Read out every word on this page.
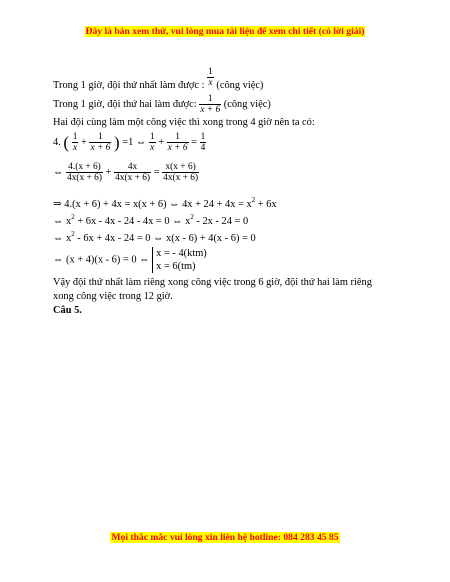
Đây là bản xem thử, vui lòng mua tài liệu để xem chi tiết (có lời giải)
Trong 1 giờ, đội thứ nhất làm được : $\frac{1}{x}$ (công việc)
Trong 1 giờ, đội thứ hai làm được: $\frac{1}{x + 6}$ (công việc)
Hai đội cùng làm một công việc thì xong trong 4 giờ nên ta có:
4. ( $\frac{1}{x} + \frac{1}{x + 6}$ ) =1 ⇔ $\frac{1}{x} + \frac{1}{x + 6} = \frac{1}{4}$
⇔ $\frac{4.(x + 6)}{4x(x + 6)} + \frac{4x}{4x(x + 6)} = \frac{x(x + 6)}{4x(x + 6)}$
⇒ 4.(x + 6) + 4x = x(x + 6) ⇔ $4x + 24 + 4x = x^2 + 6x$
⇔ $x^2 + 6x - 4x - 24 - 4x = 0$ ⇔ $x^2 - 2x - 24 = 0$
⇔ $x^2 - 6x + 4x - 24 = 0$ ⇔ x(x - 6) + 4(x - 6) = 0
⇔ (x + 4)(x - 6) = 0 ⇔
x = - 4(ktm)
x = 6(tm)
Vậy đội thứ nhất làm riêng xong công việc trong 6 giờ, đội thứ hai làm riêng
xong công việc trong 12 giờ.
Câu 5.
Mọi thắc mắc vui lòng xin liên hệ hotline: 084 283 45 85
